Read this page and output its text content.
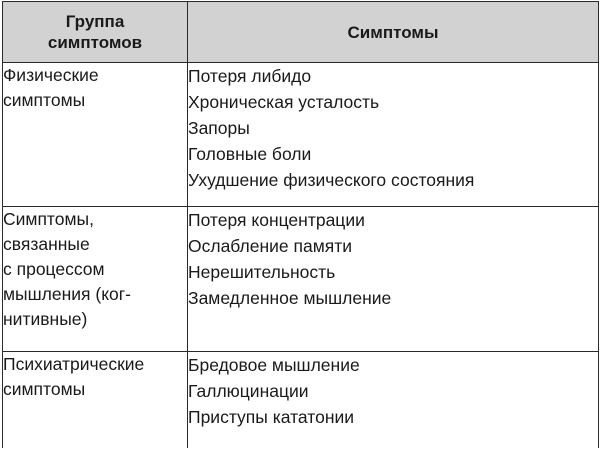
Группа
симптомов	Симптомы

Физические
симптомы	Потеря либидо
Хроническая усталость
Запоры
Головные боли
Ухудшение физического состояния

Симптомы,
связанные
с процессом
мышления (ког-
нитивные)	Потеря концентрации
Ослабление памяти
Нерешительность
Замедленное мышление

Психиатрические
симптомы	Бредовое мышление
Галлюцинации
Приступы кататонии
